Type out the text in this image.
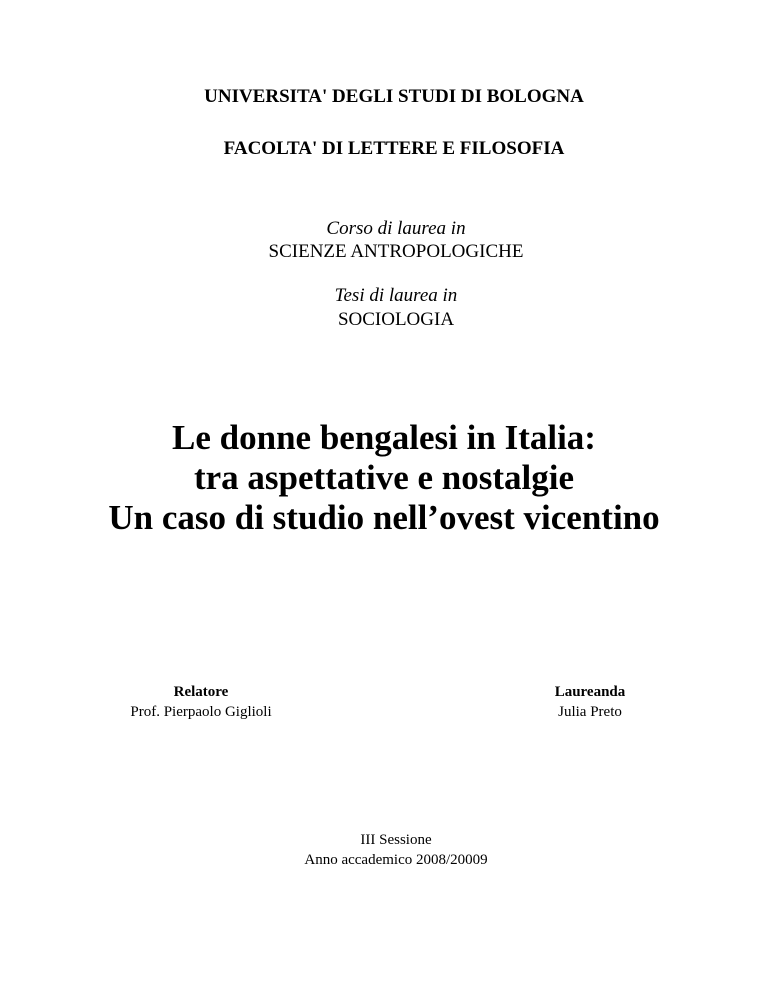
UNIVERSITA' DEGLI STUDI DI BOLOGNA

FACOLTA' DI LETTERE E FILOSOFIA

Corso di laurea in

SCIENZE ANTROPOLOGICHE

Tesi di laurea in

SOCIOLOGIA

Le donne bengalesi in Italia:
tra aspettative e nostalgie
Un caso di studio nell’ovest vicentino
Relatore
Prof. Pierpaolo Giglioli
Laureanda
Julia Preto
III Sessione
Anno accademico 2008/20009
